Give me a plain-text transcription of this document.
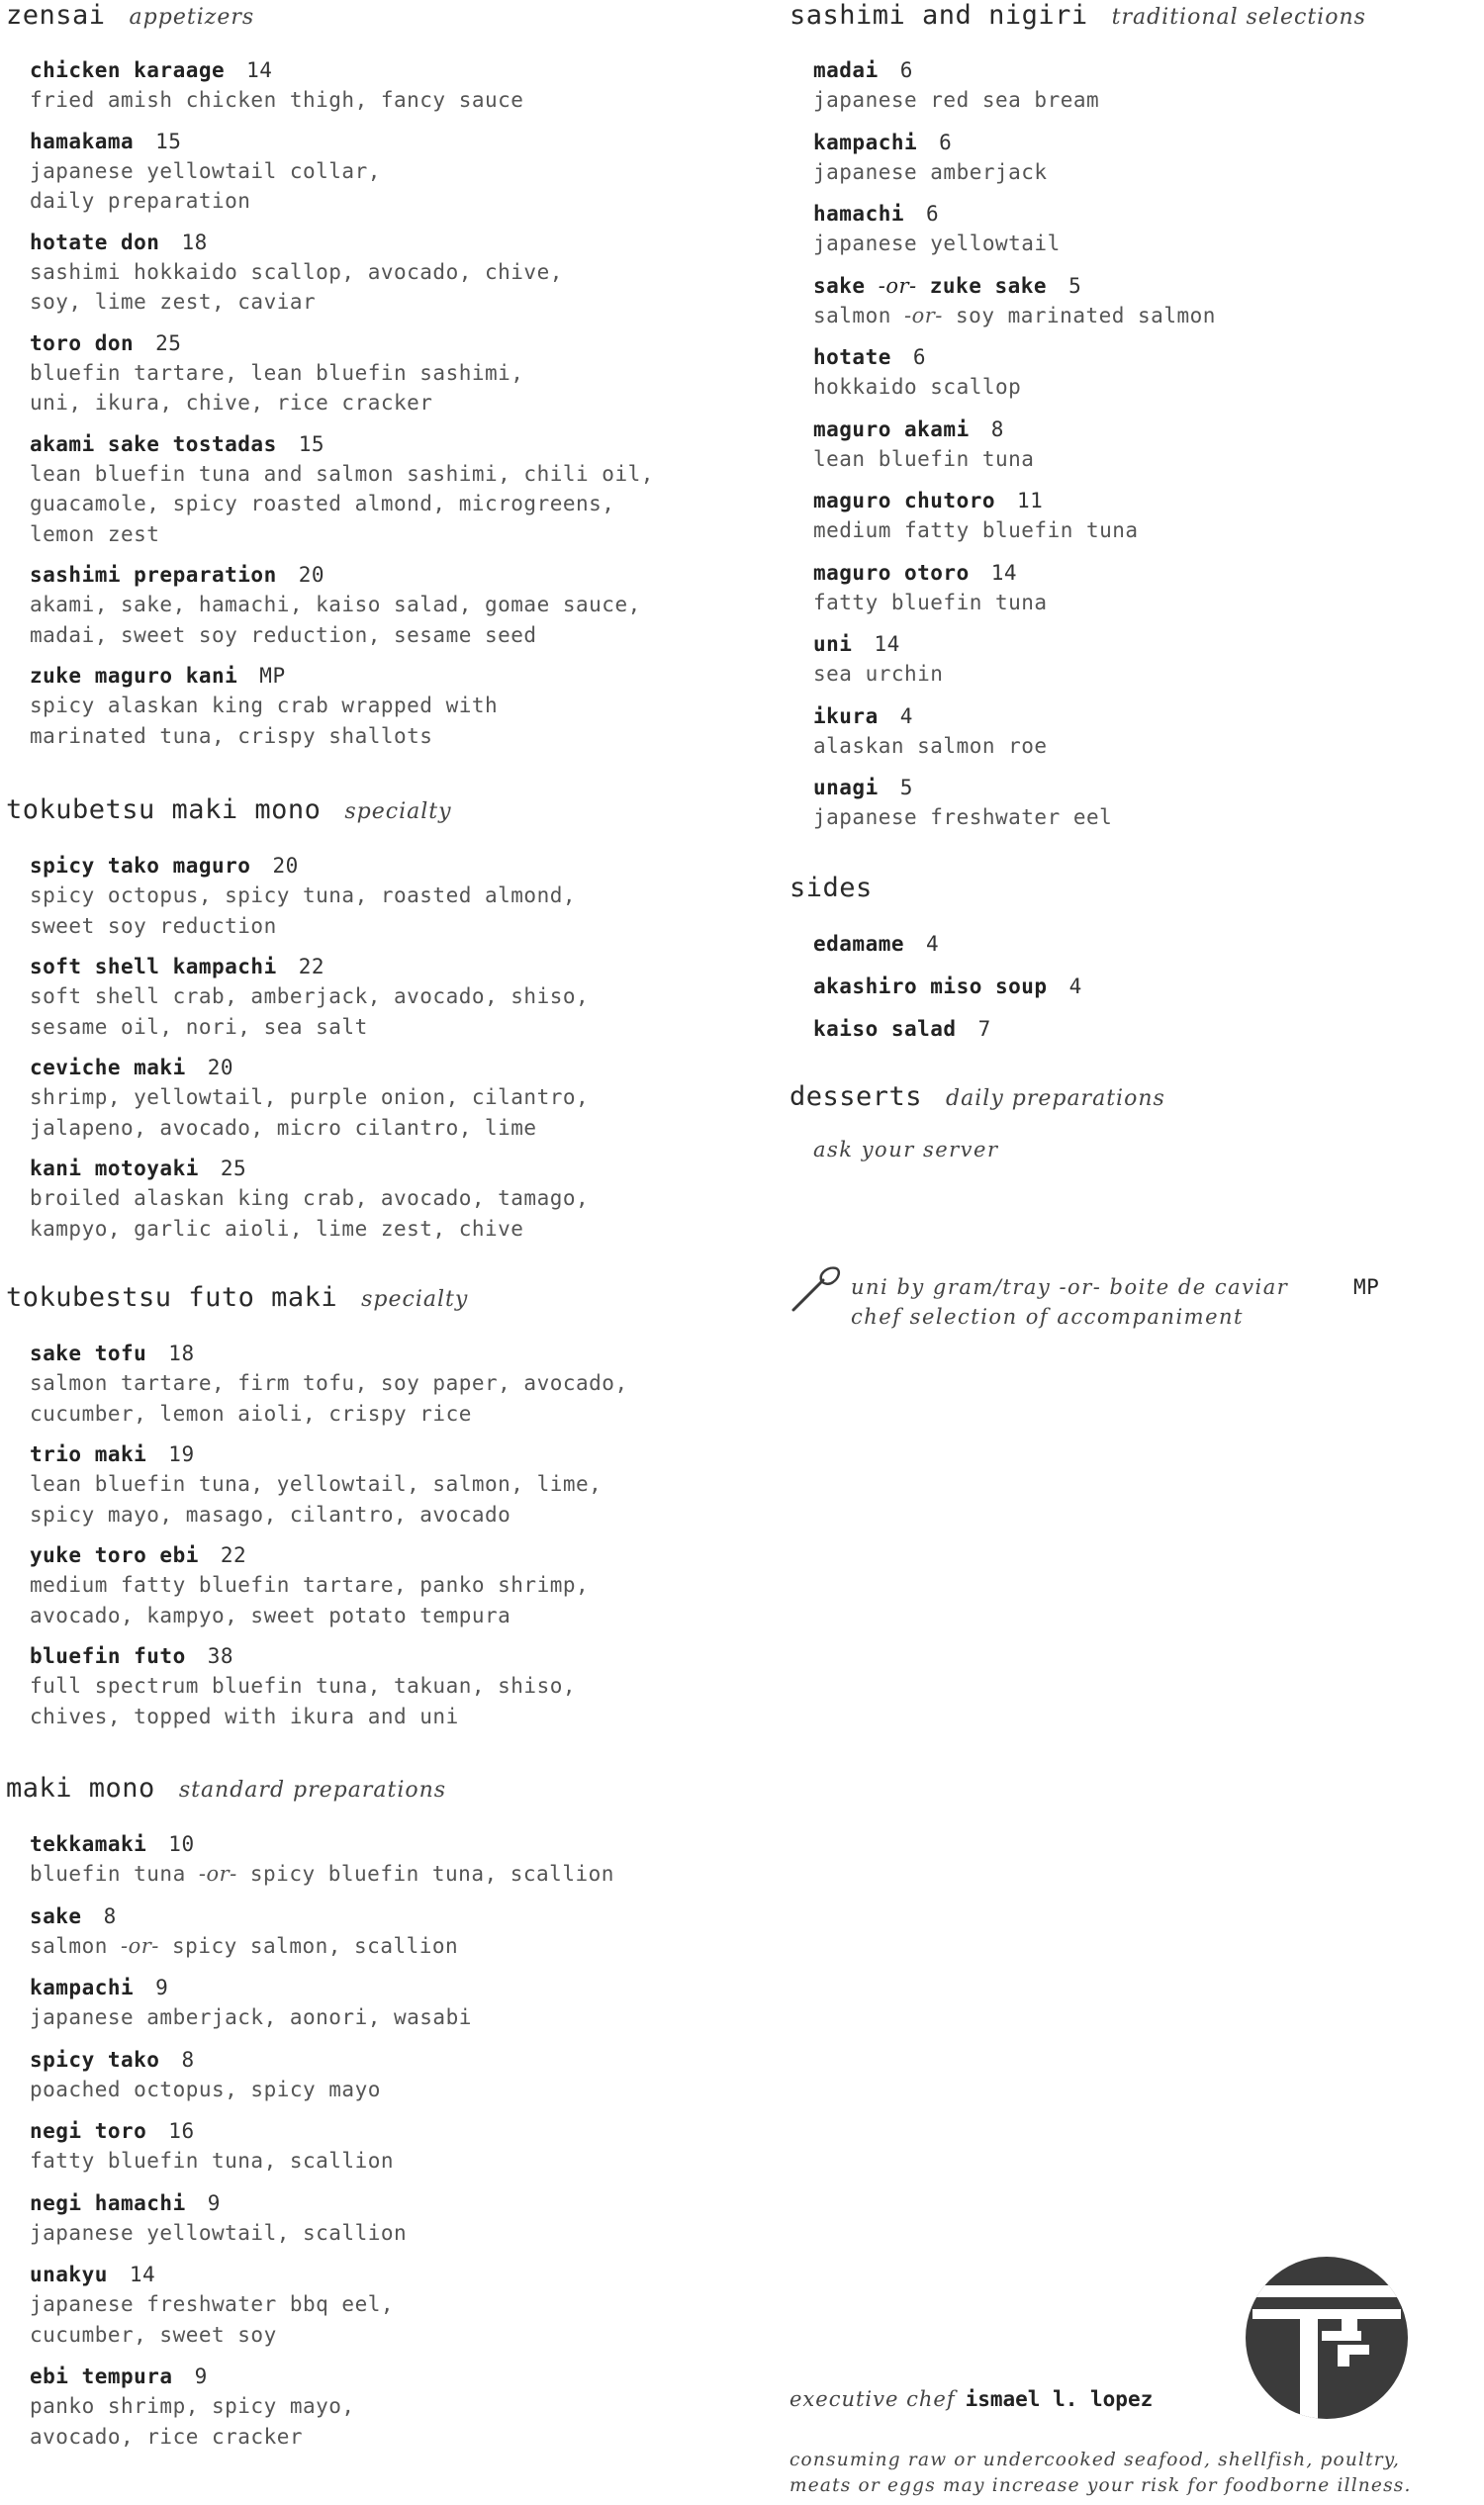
zensai appetizers
chicken karaage 14
fried amish chicken thigh, fancy sauce
hamakama 15
japanese yellowtail collar,
daily preparation
hotate don 18
sashimi hokkaido scallop, avocado, chive,
soy, lime zest, caviar
toro don 25
bluefin tartare, lean bluefin sashimi,
uni, ikura, chive, rice cracker
akami sake tostadas 15
lean bluefin tuna and salmon sashimi, chili oil,
guacamole, spicy roasted almond, microgreens,
lemon zest
sashimi preparation 20
akami, sake, hamachi, kaiso salad, gomae sauce,
madai, sweet soy reduction, sesame seed
zuke maguro kani MP
spicy alaskan king crab wrapped with
marinated tuna, crispy shallots
tokubetsu maki mono specialty
spicy tako maguro 20
spicy octopus, spicy tuna, roasted almond,
sweet soy reduction
soft shell kampachi 22
soft shell crab, amberjack, avocado, shiso,
sesame oil, nori, sea salt
ceviche maki 20
shrimp, yellowtail, purple onion, cilantro,
jalapeno, avocado, micro cilantro, lime
kani motoyaki 25
broiled alaskan king crab, avocado, tamago,
kampyo, garlic aioli, lime zest, chive
tokubestsu futo maki specialty
sake tofu 18
salmon tartare, firm tofu, soy paper, avocado,
cucumber, lemon aioli, crispy rice
trio maki 19
lean bluefin tuna, yellowtail, salmon, lime,
spicy mayo, masago, cilantro, avocado
yuke toro ebi 22
medium fatty bluefin tartare, panko shrimp,
avocado, kampyo, sweet potato tempura
bluefin futo 38
full spectrum bluefin tuna, takuan, shiso,
chives, topped with ikura and uni
maki mono standard preparations
tekkamaki 10
bluefin tuna -or- spicy bluefin tuna, scallion
sake 8
salmon -or- spicy salmon, scallion
kampachi 9
japanese amberjack, aonori, wasabi
spicy tako 8
poached octopus, spicy mayo
negi toro 16
fatty bluefin tuna, scallion
negi hamachi 9
japanese yellowtail, scallion
unakyu 14
japanese freshwater bbq eel,
cucumber, sweet soy
ebi tempura 9
panko shrimp, spicy mayo,
avocado, rice cracker
sashimi and nigiri traditional selections
madai 6
japanese red sea bream
kampachi 6
japanese amberjack
hamachi 6
japanese yellowtail
sake -or- zuke sake 5
salmon -or- soy marinated salmon
hotate 6
hokkaido scallop
maguro akami 8
lean bluefin tuna
maguro chutoro 11
medium fatty bluefin tuna
maguro otoro 14
fatty bluefin tuna
uni 14
sea urchin
ikura 4
alaskan salmon roe
unagi 5
japanese freshwater eel
sides
edamame 4
akashiro miso soup 4
kaiso salad 7
desserts daily preparations
ask your server
uni by gram/tray -or- boite de caviar	MP
chef selection of accompaniment
executive chef ismael l. lopez
consuming raw or undercooked seafood, shellfish, poultry,
meats or eggs may increase your risk for foodborne illness.
